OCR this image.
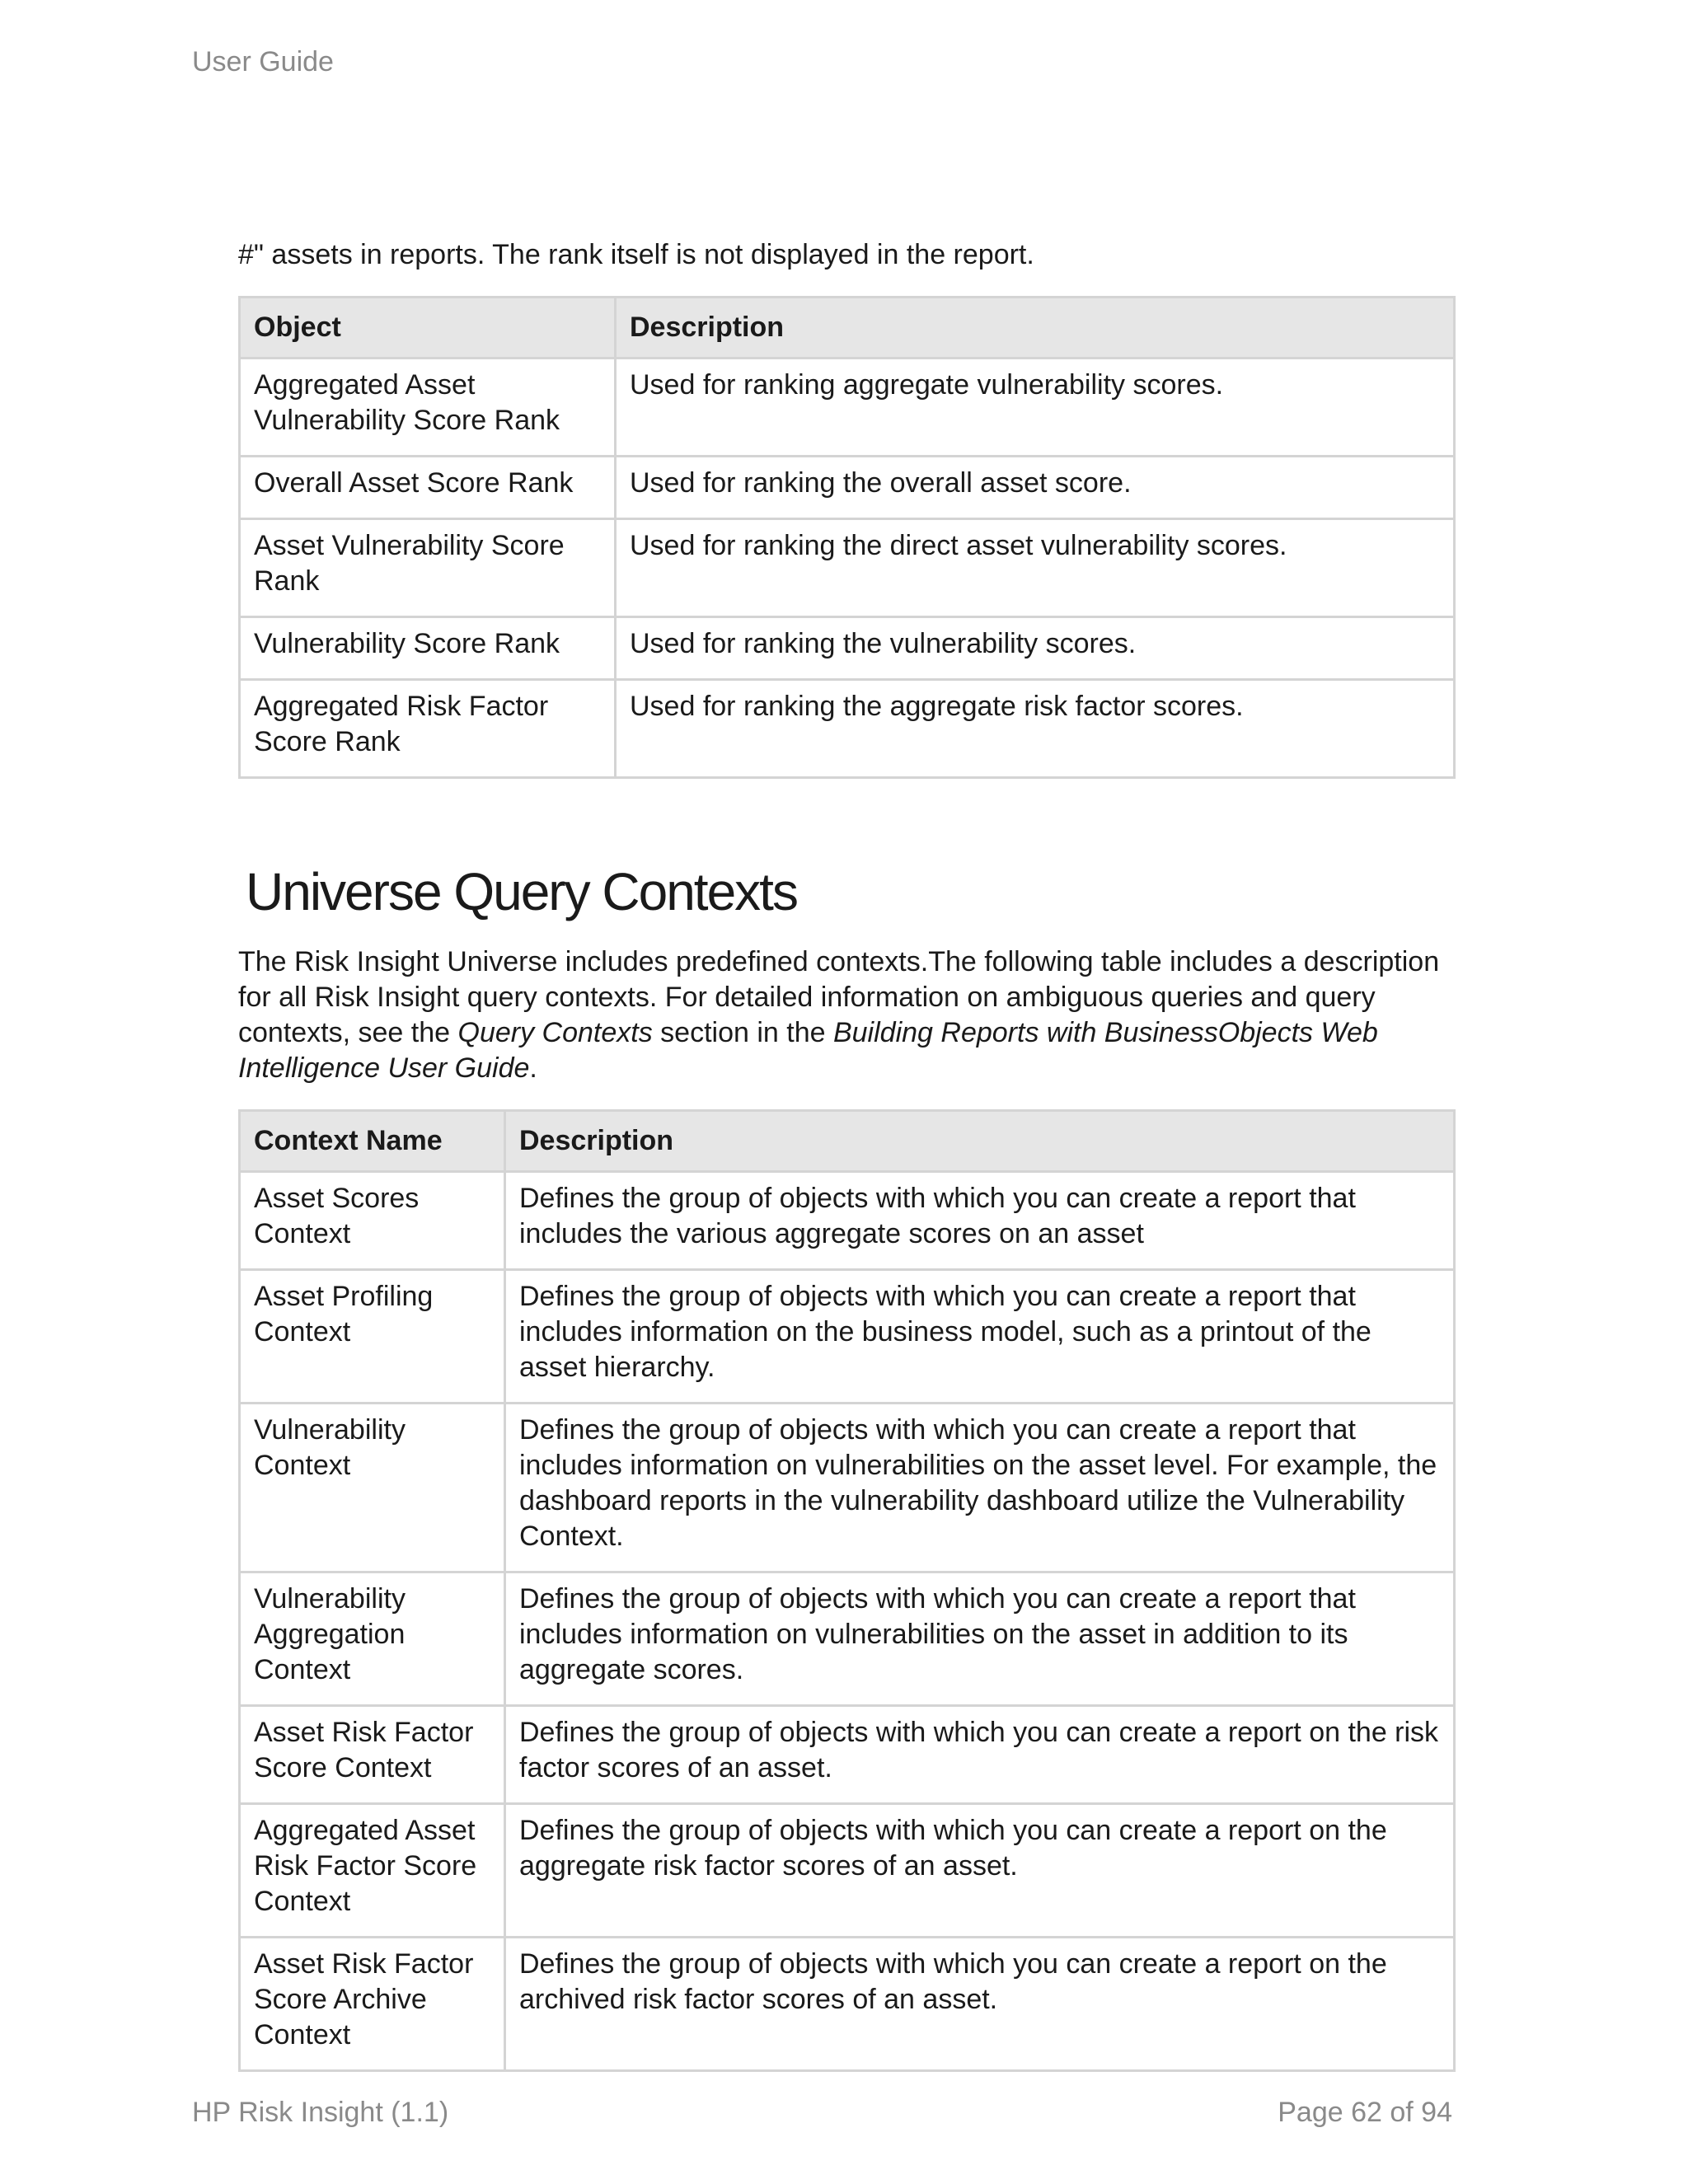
User Guide
#" assets in reports. The rank itself is not displayed in the report.
Object	Description
Aggregated Asset Vulnerability Score Rank	Used for ranking aggregate vulnerability scores.
Overall Asset Score Rank	Used for ranking the overall asset score.
Asset Vulnerability Score Rank	Used for ranking the direct asset vulnerability scores.
Vulnerability Score Rank	Used for ranking the vulnerability scores.
Aggregated Risk Factor Score Rank	Used for ranking the aggregate risk factor scores.
Universe Query Contexts

The Risk Insight Universe includes predefined contexts.The following table includes a description for all Risk Insight query contexts. For detailed information on ambiguous queries and query contexts, see the Query Contexts section in the Building Reports with BusinessObjects Web Intelligence User Guide.

Context Name	Description
Asset Scores Context	Defines the group of objects with which you can create a report that includes the various aggregate scores on an asset
Asset Profiling Context	Defines the group of objects with which you can create a report that includes information on the business model, such as a printout of the asset hierarchy.
Vulnerability Context	Defines the group of objects with which you can create a report that includes information on vulnerabilities on the asset level. For example, the dashboard reports in the vulnerability dashboard utilize the Vulnerability Context.
Vulnerability Aggregation Context	Defines the group of objects with which you can create a report that includes information on vulnerabilities on the asset in addition to its aggregate scores.
Asset Risk Factor Score Context	Defines the group of objects with which you can create a report on the risk factor scores of an asset.
Aggregated Asset Risk Factor Score Context	Defines the group of objects with which you can create a report on the aggregate risk factor scores of an asset.
Asset Risk Factor Score Archive Context	Defines the group of objects with which you can create a report on the archived risk factor scores of an asset.
HP Risk Insight (1.1)	Page 62 of 94
